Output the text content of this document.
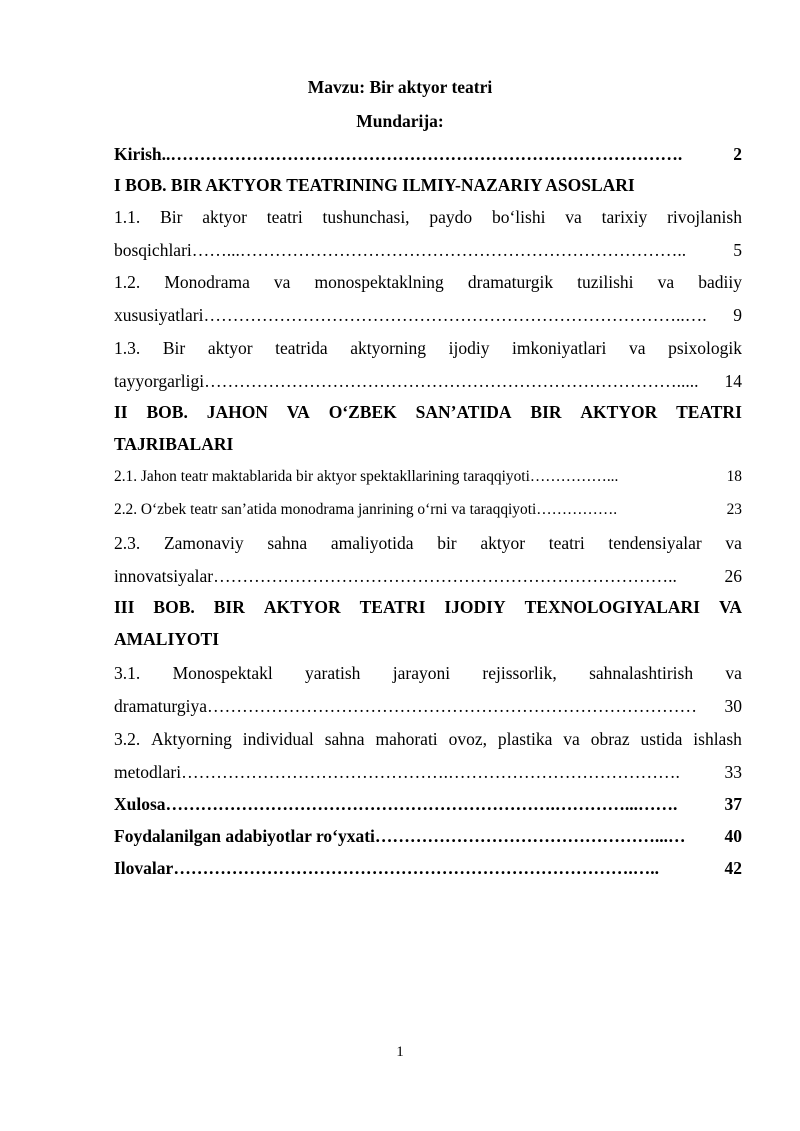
Mavzu: Bir aktyor teatri
Mundarija:
Kirish.. …………………………………………………………………………….	2
I BOB. BIR AKTYOR TEATRINING ILMIY-NAZARIY ASOSLARI
1.1. Bir aktyor teatri tushunchasi, paydo bo‘lishi va tarixiy rivojlanish
bosqichlari ……...…………………………………………………………………..	5
1.2. Monodrama va monospektaklning dramaturgik tuzilishi va badiiy
xususiyatlari ………………………………………………………………………..….	9
1.3. Bir aktyor teatrida aktyorning ijodiy imkoniyatlari va psixologik
tayyorgarligi ……………………………………………………………………….....	14
II BOB. JAHON VA O‘ZBEK SAN’ATIDA BIR AKTYOR TEATRI
TAJRIBALARI
2.1. Jahon teatr maktablarida bir aktyor spektakllarining taraqqiyoti ……………...	18
2.2. O‘zbek teatr san’atida monodrama janrining o‘rni va taraqqiyoti …………….	23
2.3. Zamonaviy sahna amaliyotida bir aktyor teatri tendensiyalar va
innovatsiyalar ……………………………………………………………………..	26
III BOB. BIR AKTYOR TEATRI IJODIY TEXNOLOGIYALARI VA
AMALIYOTI
3.1. Monospektakl yaratish jarayoni rejissorlik, sahnalashtirish va
dramaturgiya …………………………………………………………………………	30
3.2. Aktyorning individual sahna mahorati ovoz, plastika va obraz ustida ishlash
metodlari ……………………………………….………………………………….	33
Xulosa ………………………………………………………….…………...…….	37
Foydalanilgan adabiyotlar ro‘yxati …………………………………………...…	40
Ilovalar …………………………………………………………………….…..	42
1
